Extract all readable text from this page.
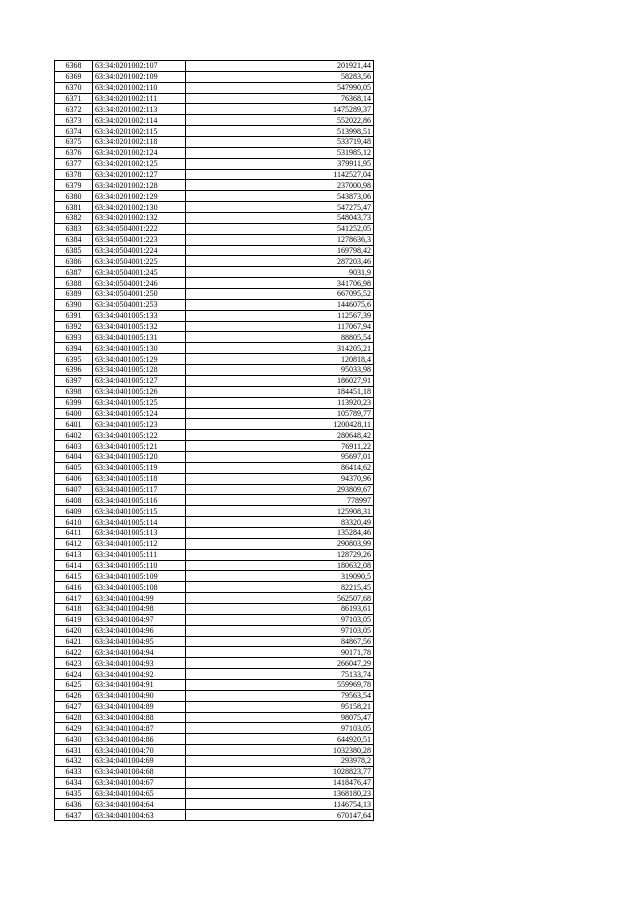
6368	63:34:0201002:107	201921,44
6369	63:34:0201002:109	58283,56
6370	63:34:0201002:110	547990,05
6371	63:34:0201002:111	76368,14
6372	63:34:0201002:113	1475289,37
6373	63:34:0201002:114	552022,86
6374	63:34:0201002:115	513998,51
6375	63:34:0201002:118	533719,48
6376	63:34:0201002:124	531985,12
6377	63:34:0201002:125	379911,95
6378	63:34:0201002:127	1142527,04
6379	63:34:0201002:128	237000,98
6380	63:34:0201002:129	543873,06
6381	63:34:0201002:130	547275,47
6382	63:34:0201002:132	548043,73
6383	63:34:0504001:222	541252,05
6384	63:34:0504001:223	1278636,3
6385	63:34:0504001:224	169798,42
6386	63:34:0504001:225	287203,46
6387	63:34:0504001:245	9031,9
6388	63:34:0504001:246	341706,98
6389	63:34:0504001:250	667095,52
6390	63:34:0504001:253	1446075,6
6391	63:34:0401005:133	112567,39
6392	63:34:0401005:132	117067,94
6393	63:34:0401005:131	88805,54
6394	63:34:0401005:130	314205,21
6395	63:34:0401005:129	120818,4
6396	63:34:0401005:128	95033,98
6397	63:34:0401005:127	186027,91
6398	63:34:0401005:126	184451,18
6399	63:34:0401005:125	113920,23
6400	63:34:0401005:124	105789,77
6401	63:34:0401005:123	1200428,11
6402	63:34:0401005:122	280648,42
6403	63:34:0401005:121	76911,22
6404	63:34:0401005:120	95697,01
6405	63:34:0401005:119	86414,62
6406	63:34:0401005:118	94370,96
6407	63:34:0401005:117	293809,67
6408	63:34:0401005:116	778997
6409	63:34:0401005:115	125908,31
6410	63:34:0401005:114	83320,49
6411	63:34:0401005:113	135284,46
6412	63:34:0401005:112	290803,99
6413	63:34:0401005:111	128729,26
6414	63:34:0401005:110	180632,08
6415	63:34:0401005:109	319090,5
6416	63:34:0401005:108	82215,45
6417	63:34:0401004:99	562507,68
6418	63:34:0401004:98	86193,61
6419	63:34:0401004:97	97103,05
6420	63:34:0401004:96	97103,05
6421	63:34:0401004:95	84867,56
6422	63:34:0401004:94	90171,78
6423	63:34:0401004:93	266047,29
6424	63:34:0401004:92	75133,74
6425	63:34:0401004:91	559969,78
6426	63:34:0401004:90	79563,54
6427	63:34:0401004:89	95158,21
6428	63:34:0401004:88	98075,47
6429	63:34:0401004:87	97103,05
6430	63:34:0401004:86	644920,51
6431	63:34:0401004:70	1032380,28
6432	63:34:0401004:69	293978,2
6433	63:34:0401004:68	1028823,77
6434	63:34:0401004:67	1418476,47
6435	63:34:0401004:65	1368180,23
6436	63:34:0401004:64	1146754,13
6437	63:34:0401004:63	670147,64
